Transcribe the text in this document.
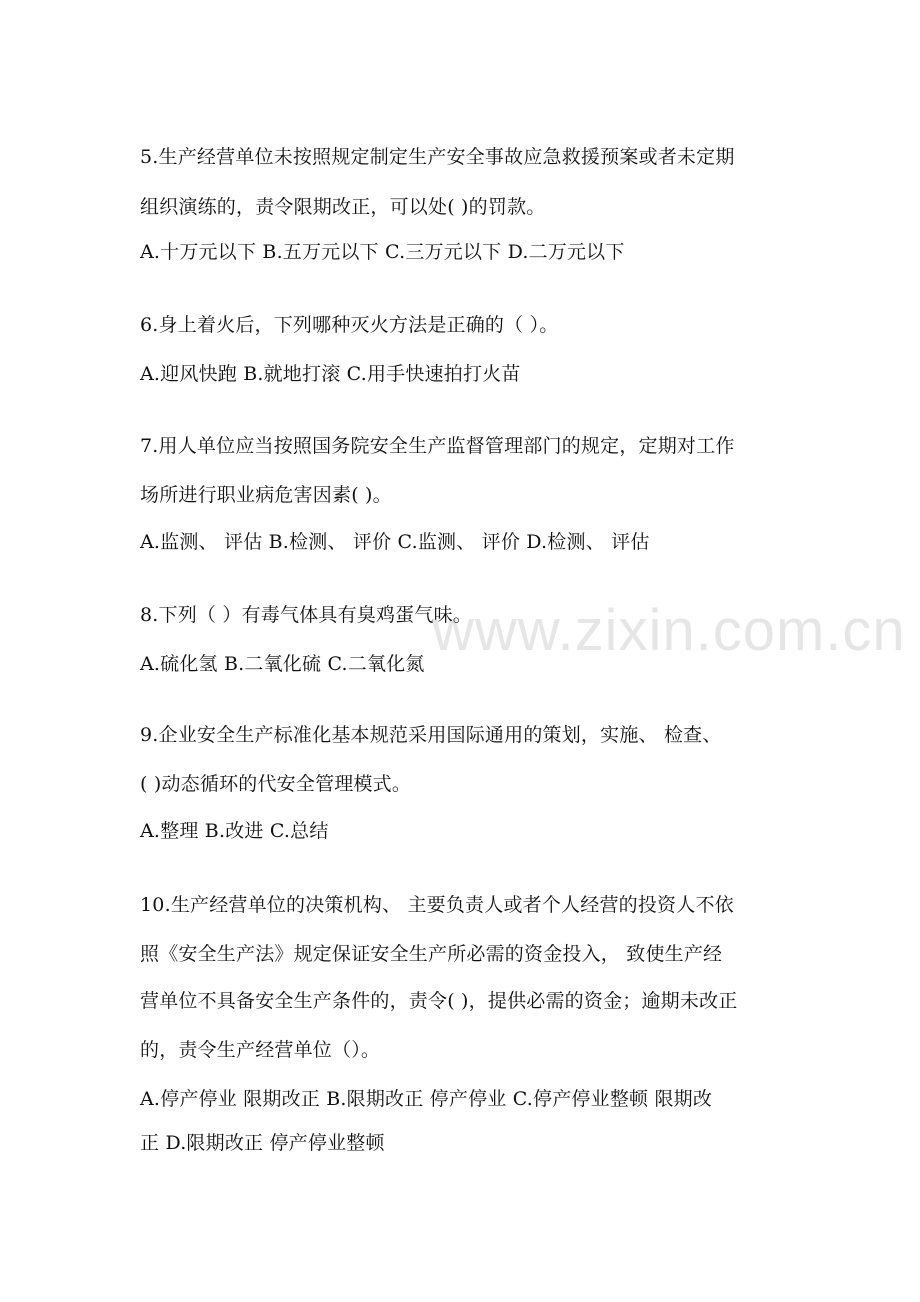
www.zixin.com.cn
5.生产经营单位未按照规定制定生产安全事故应急救援预案或者未定期
组织演练的，责令限期改正，可以处( )的罚款。
A.十万元以下 B.五万元以下 C.三万元以下 D.二万元以下
6.身上着火后，下列哪种灭火方法是正确的（ ）。
A.迎风快跑 B.就地打滚 C.用手快速拍打火苗
7.用人单位应当按照国务院安全生产监督管理部门的规定，定期对工作
场所进行职业病危害因素( )。
A.监测、 评估 B.检测、 评价 C.监测、 评价 D.检测、 评估
8.下列（ ）有毒气体具有臭鸡蛋气味。
A.硫化氢 B.二氧化硫 C.二氧化氮
9.企业安全生产标准化基本规范采用国际通用的策划，实施、 检查、
( )动态循环的代安全管理模式。
A.整理 B.改进 C.总结
10.生产经营单位的决策机构、 主要负责人或者个人经营的投资人不依
照《安全生产法》规定保证安全生产所必需的资金投入， 致使生产经
营单位不具备安全生产条件的，责令( )，提供必需的资金；逾期未改正
的，责令生产经营单位（）。
A.停产停业 限期改正 B.限期改正 停产停业 C.停产停业整顿 限期改
正 D.限期改正 停产停业整顿
